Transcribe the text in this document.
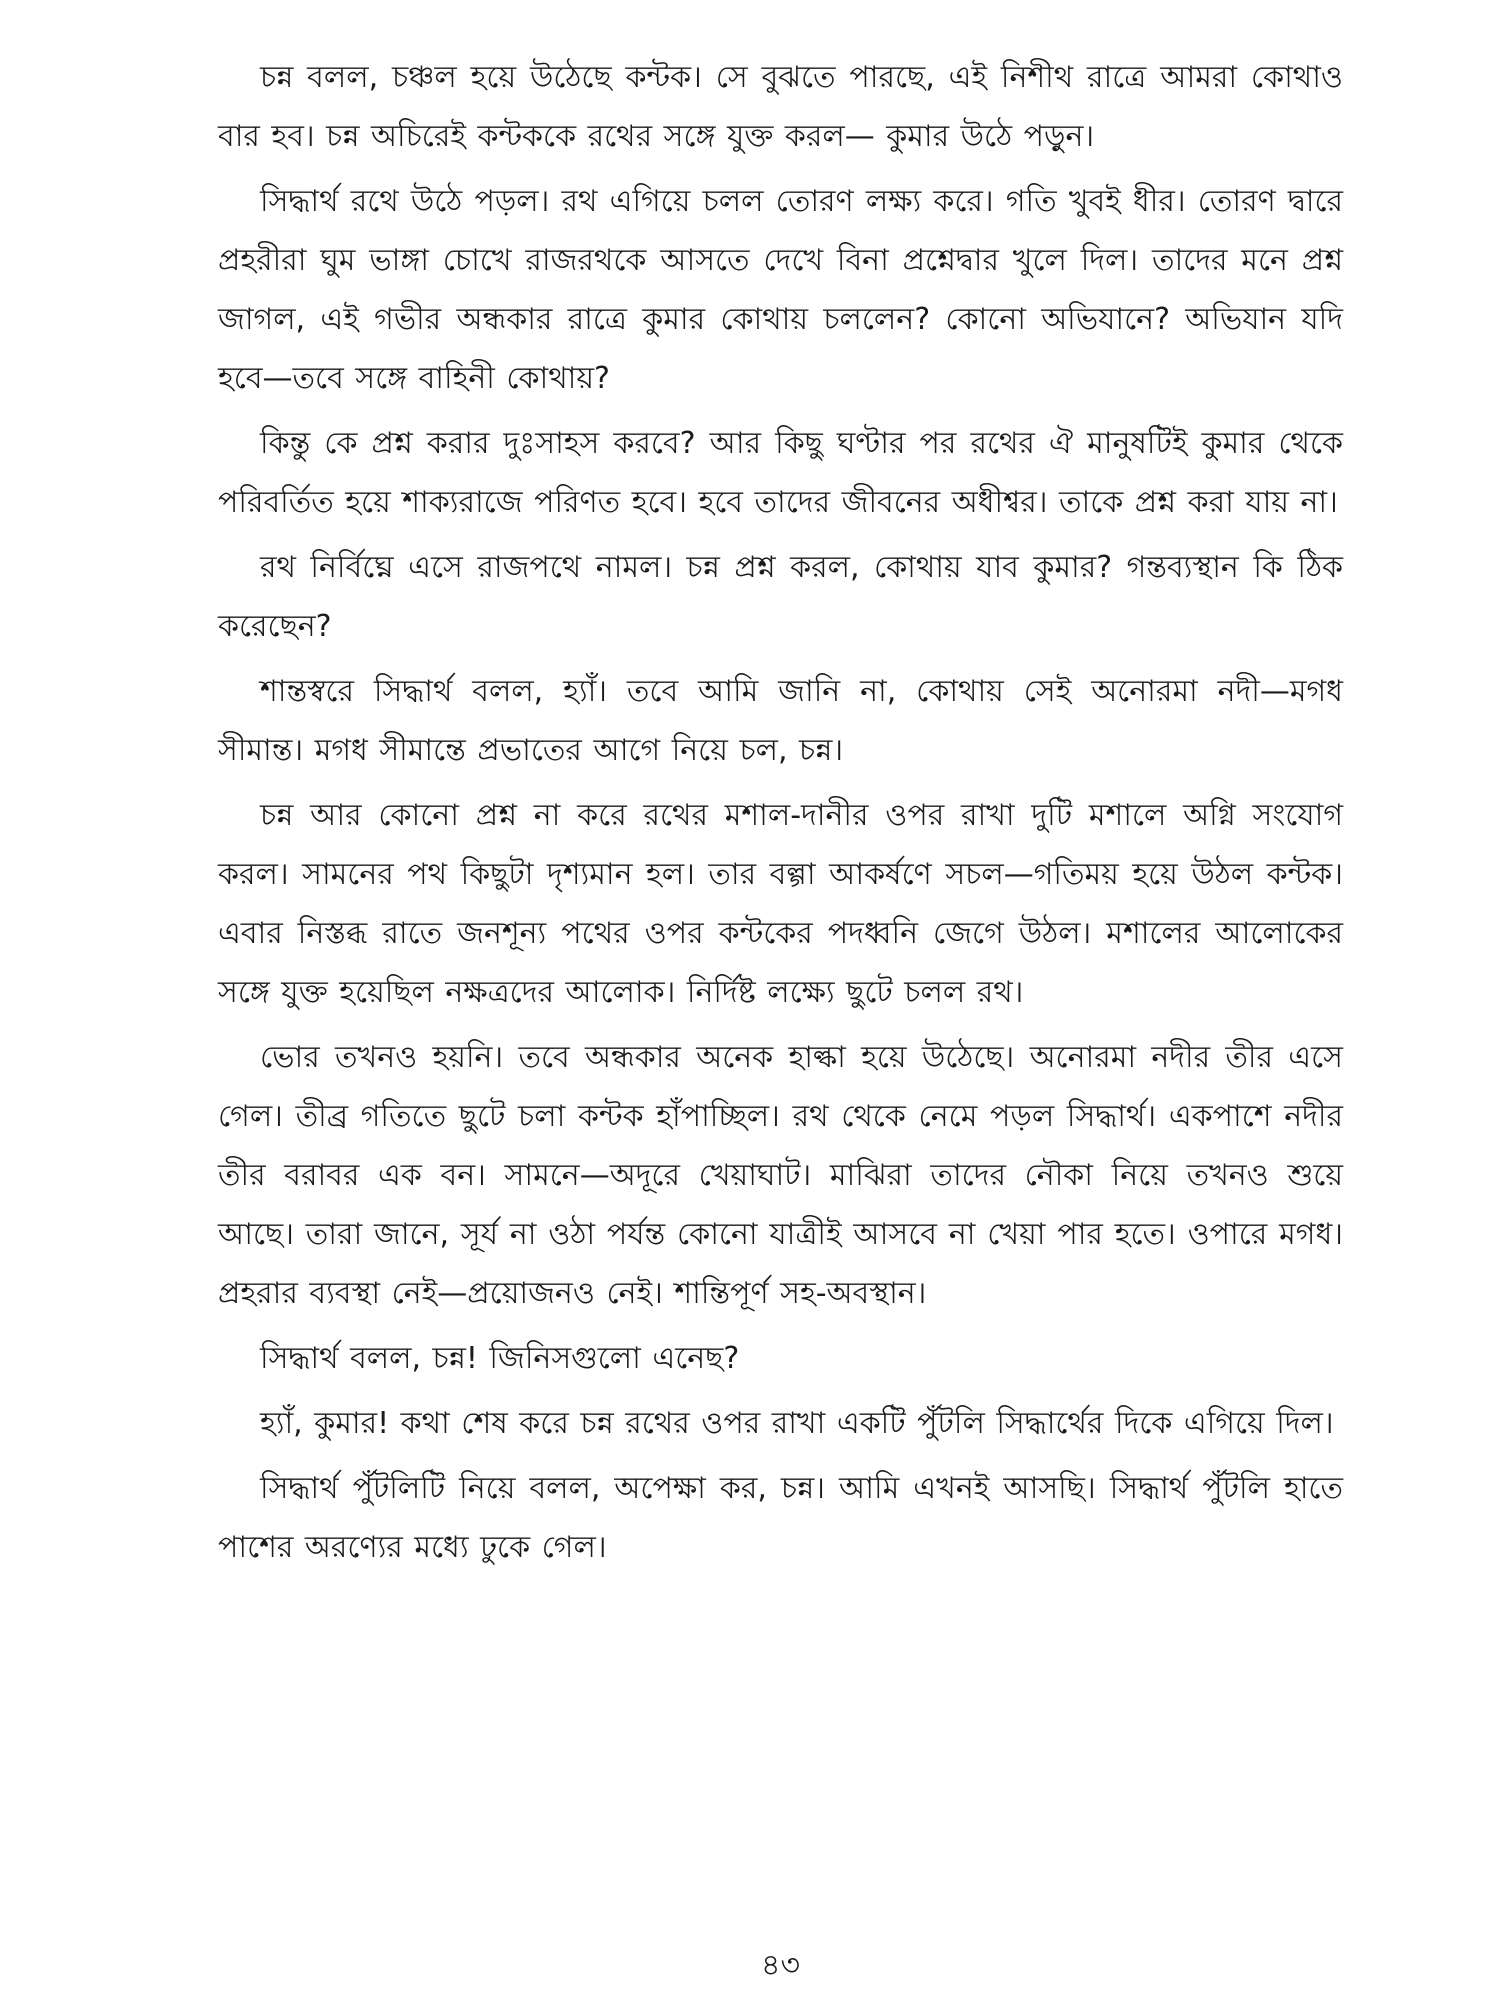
চন্ন বলল, চঞ্চল হয়ে উঠেছে কন্টক। সে বুঝতে পারছে, এই নিশীথ রাত্রে আমরা কোথাও বার হব। চন্ন অচিরেই কন্টককে রথের সঙ্গে যুক্ত করল— কুমার উঠে পড়ুন।

সিদ্ধার্থ রথে উঠে পড়ল। রথ এগিয়ে চলল তোরণ লক্ষ্য করে। গতি খুবই ধীর। তোরণ দ্বারে প্রহরীরা ঘুম ভাঙ্গা চোখে রাজরথকে আসতে দেখে বিনা প্রশ্নেদ্বার খুলে দিল। তাদের মনে প্রশ্ন জাগল, এই গভীর অন্ধকার রাত্রে কুমার কোথায় চললেন? কোনো অভিযানে? অভিযান যদি হবে—তবে সঙ্গে বাহিনী কোথায়?

কিন্তু কে প্রশ্ন করার দুঃসাহস করবে? আর কিছু ঘণ্টার পর রথের ঐ মানুষটিই কুমার থেকে পরিবর্তিত হয়ে শাক্যরাজে পরিণত হবে। হবে তাদের জীবনের অধীশ্বর। তাকে প্রশ্ন করা যায় না।

রথ নির্বিঘ্নে এসে রাজপথে নামল। চন্ন প্রশ্ন করল, কোথায় যাব কুমার? গন্তব্যস্থান কি ঠিক করেছেন?

শান্তস্বরে সিদ্ধার্থ বলল, হ্যাঁ। তবে আমি জানি না, কোথায় সেই অনোরমা নদী—মগধ সীমান্ত। মগধ সীমান্তে প্রভাতের আগে নিয়ে চল, চন্ন।

চন্ন আর কোনো প্রশ্ন না করে রথের মশাল-দানীর ওপর রাখা দুটি মশালে অগ্নি সংযোগ করল। সামনের পথ কিছুটা দৃশ্যমান হল। তার বল্গা আকর্ষণে সচল—গতিময় হয়ে উঠল কন্টক। এবার নিস্তব্ধ রাতে জনশূন্য পথের ওপর কন্টকের পদধ্বনি জেগে উঠল। মশালের আলোকের সঙ্গে যুক্ত হয়েছিল নক্ষত্রদের আলোক। নির্দিষ্ট লক্ষ্যে ছুটে চলল রথ।

ভোর তখনও হয়নি। তবে অন্ধকার অনেক হাল্কা হয়ে উঠেছে। অনোরমা নদীর তীর এসে গেল। তীব্র গতিতে ছুটে চলা কন্টক হাঁপাচ্ছিল। রথ থেকে নেমে পড়ল সিদ্ধার্থ। একপাশে নদীর তীর বরাবর এক বন। সামনে—অদূরে খেয়াঘাট। মাঝিরা তাদের নৌকা নিয়ে তখনও শুয়ে আছে। তারা জানে, সূর্য না ওঠা পর্যন্ত কোনো যাত্রীই আসবে না খেয়া পার হতে। ওপারে মগধ। প্রহরার ব্যবস্থা নেই—প্রয়োজনও নেই। শান্তিপূর্ণ সহ-অবস্থান।

সিদ্ধার্থ বলল, চন্ন! জিনিসগুলো এনেছ?

হ্যাঁ, কুমার! কথা শেষ করে চন্ন রথের ওপর রাখা একটি পুঁটলি সিদ্ধার্থের দিকে এগিয়ে দিল।

সিদ্ধার্থ পুঁটলিটি নিয়ে বলল, অপেক্ষা কর, চন্ন। আমি এখনই আসছি। সিদ্ধার্থ পুঁটলি হাতে পাশের অরণ্যের মধ্যে ঢুকে গেল।

৪৩
